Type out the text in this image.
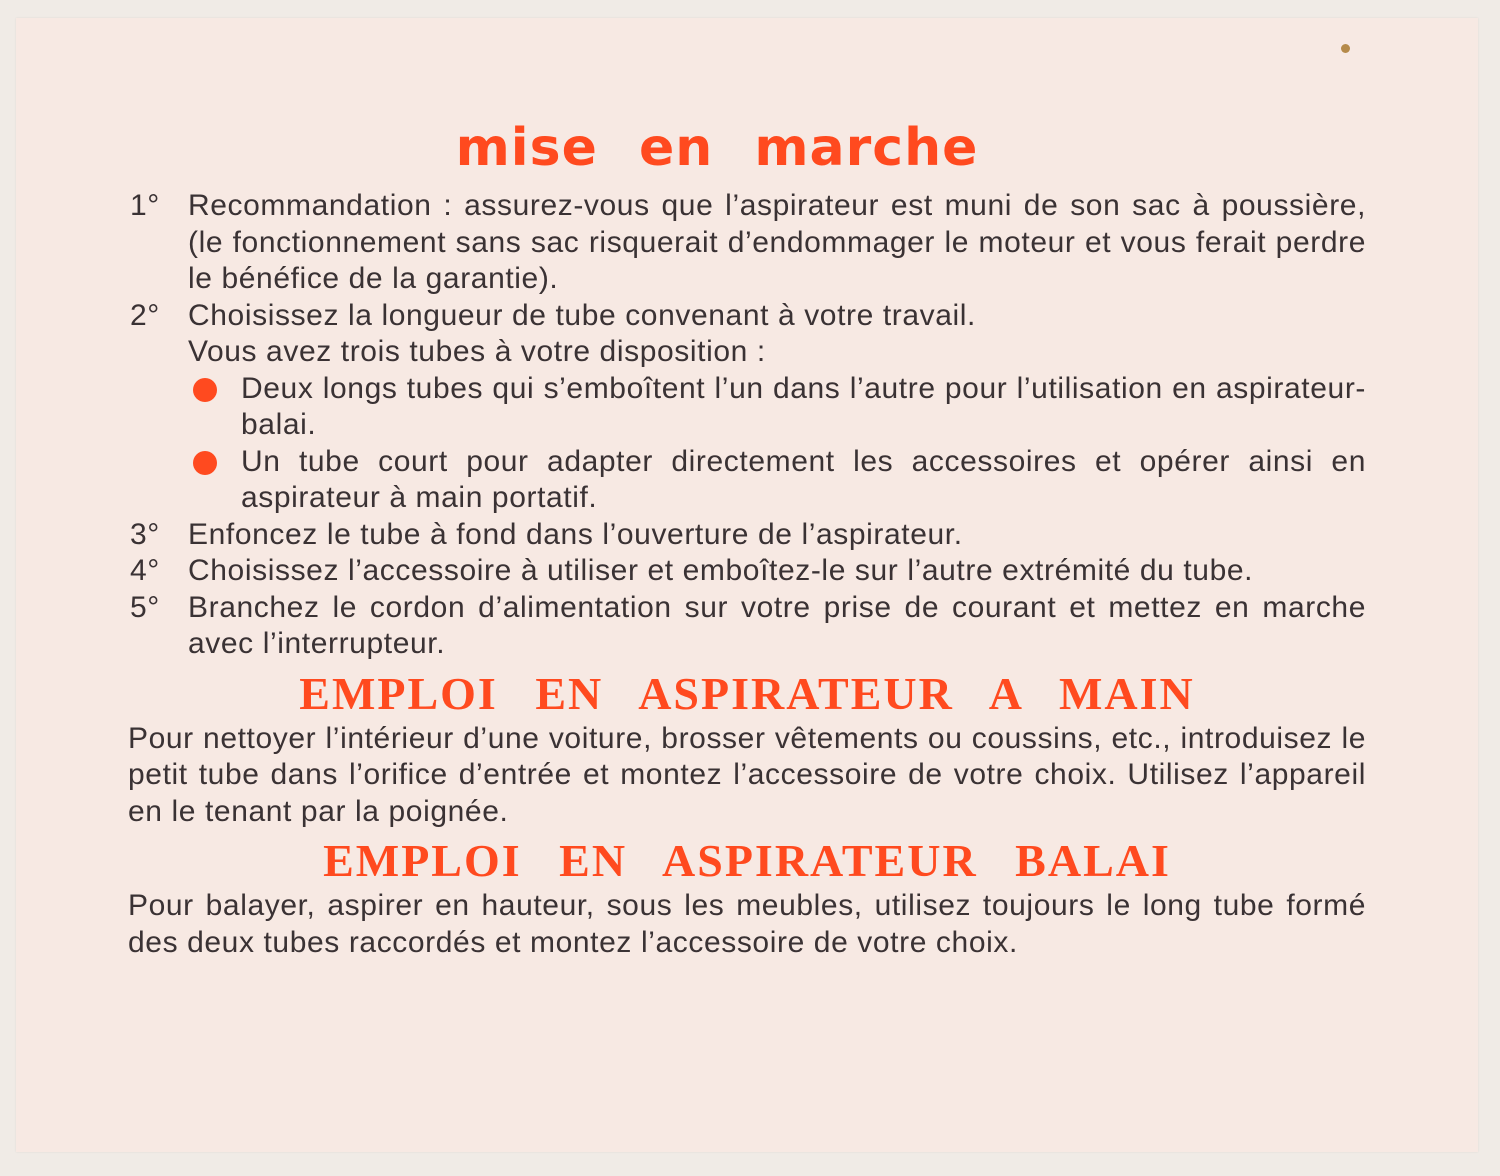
mise en marche
1° Recommandation : assurez-vous que l’aspirateur est muni de son sac à poussière, (le fonctionnement sans sac risquerait d’endommager le moteur et vous ferait perdre le bénéfice de la garantie).

2° Choisissez la longueur de tube convenant à votre travail.

Vous avez trois tubes à votre disposition :

Deux longs tubes qui s’emboîtent l’un dans l’autre pour l’utilisation en aspirateur-balai.
Un tube court pour adapter directement les accessoires et opérer ainsi en aspirateur à main portatif.
3° Enfoncez le tube à fond dans l’ouverture de l’aspirateur.

4° Choisissez l’accessoire à utiliser et emboîtez-le sur l’autre extrémité du tube.

5° Branchez le cordon d’alimentation sur votre prise de courant et mettez en marche avec l’interrupteur.

EMPLOI EN ASPIRATEUR A MAIN

Pour nettoyer l’intérieur d’une voiture, brosser vêtements ou coussins, etc., introduisez le petit tube dans l’orifice d’entrée et montez l’accessoire de votre choix. Utilisez l’appareil en le tenant par la poignée.

EMPLOI EN ASPIRATEUR BALAI

Pour balayer, aspirer en hauteur, sous les meubles, utilisez toujours le long tube formé des deux tubes raccordés et montez l’accessoire de votre choix.
